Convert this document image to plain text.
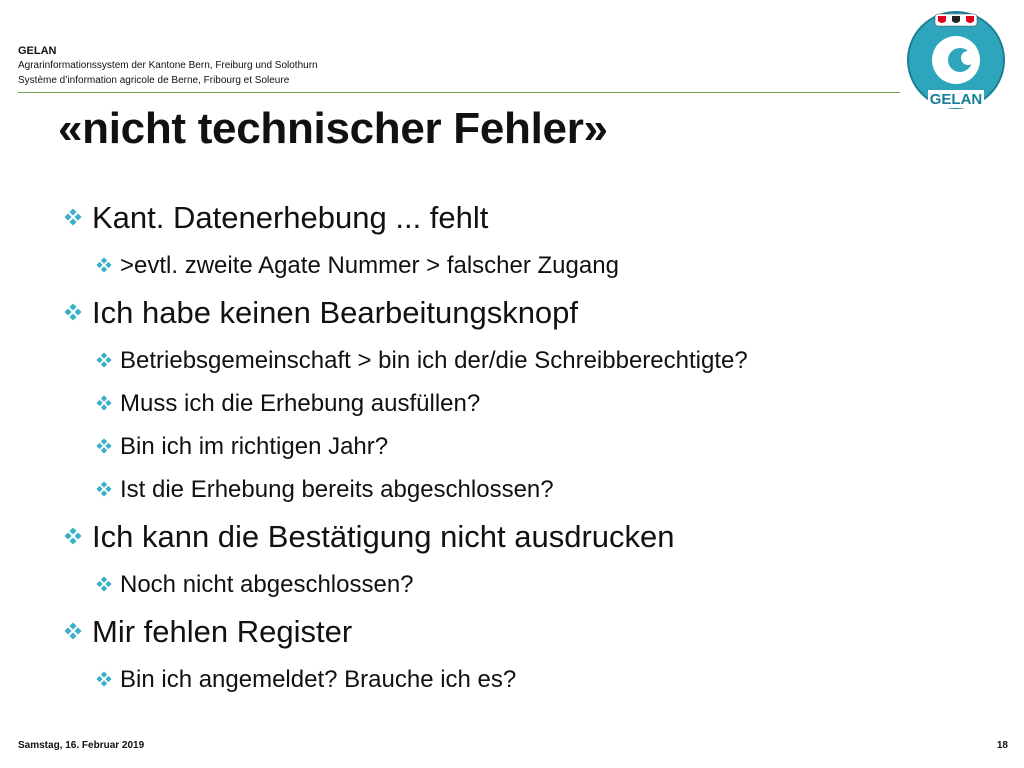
GELAN
Agrarinformationssystem der Kantone Bern, Freiburg und Solothurn
Système d’information agricole de Berne, Fribourg et Soleure
GELAN
«nicht technischer Fehler»
Kant. Datenerhebung ... fehlt
>evtl. zweite Agate Nummer > falscher Zugang
Ich habe keinen Bearbeitungsknopf
Betriebsgemeinschaft > bin ich der/die Schreibberechtigte?
Muss ich die Erhebung ausfüllen?
Bin ich im richtigen Jahr?
Ist die Erhebung bereits abgeschlossen?
Ich kann die Bestätigung nicht ausdrucken
Noch nicht abgeschlossen?
Mir fehlen Register
Bin ich angemeldet? Brauche ich es?
Samstag, 16. Februar 2019	18
